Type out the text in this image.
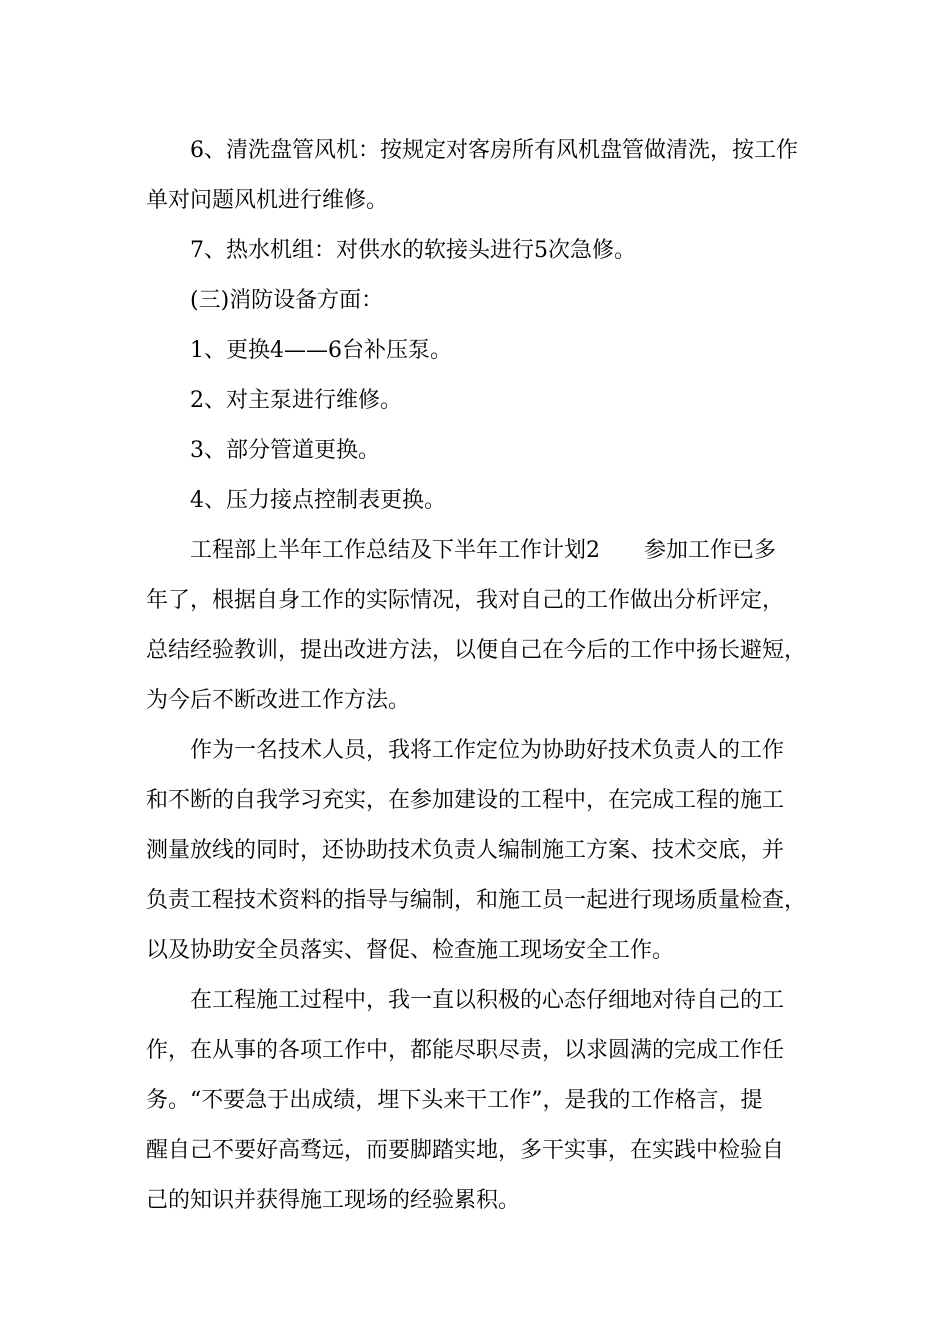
6、清洗盘管风机：按规定对客房所有风机盘管做清洗，按工作
单对问题风机进行维修。
7、热水机组：对供水的软接头进行5次急修。
(三)消防设备方面：
1、更换4——6台补压泵。
2、对主泵进行维修。
3、部分管道更换。
4、压力接点控制表更换。
工程部上半年工作总结及下半年工作计划2　　参加工作已多
年了，根据自身工作的实际情况，我对自己的工作做出分析评定，
总结经验教训，提出改进方法，以便自己在今后的工作中扬长避短，
为今后不断改进工作方法。
作为一名技术人员，我将工作定位为协助好技术负责人的工作
和不断的自我学习充实，在参加建设的工程中，在完成工程的施工
测量放线的同时，还协助技术负责人编制施工方案、技术交底，并
负责工程技术资料的指导与编制，和施工员一起进行现场质量检查，
以及协助安全员落实、督促、检查施工现场安全工作。
在工程施工过程中，我一直以积极的心态仔细地对待自己的工
作，在从事的各项工作中，都能尽职尽责，以求圆满的完成工作任
务。“不要急于出成绩，埋下头来干工作”，是我的工作格言，提
醒自己不要好高骛远，而要脚踏实地，多干实事，在实践中检验自
己的知识并获得施工现场的经验累积。
